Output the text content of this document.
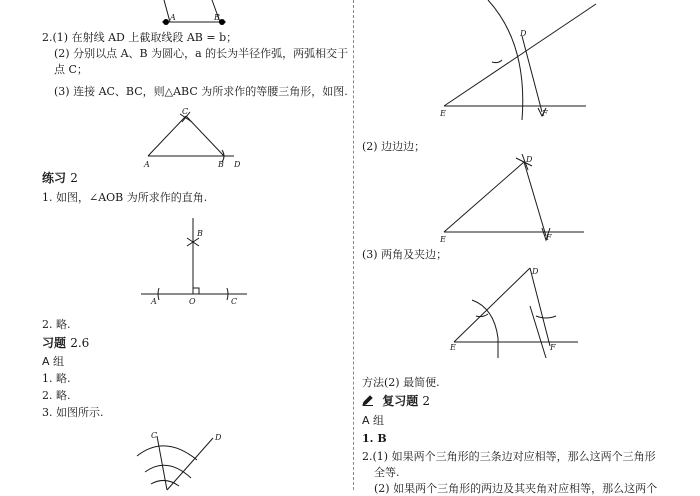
A	B
2.(1) 在射线 AD 上截取线段 AB = b；
(2) 分别以点 A、B 为圆心，a 的长为半径作弧，两弧相交于
点 C；
(3) 连接 AC、BC，则△ABC 为所求作的等腰三角形，如图.
C
A	B D
练习 2
1. 如图，∠AOB 为所求作的直角.
B
A	O	C
2. 略.
习题 2.6
A 组
1. 略.
2. 略.
3. 如图所示.
C	D
E
D
F
(2) 边边边；
E
D
F
(3) 两角及夹边；
E
D
F
方法(2) 最简便.
复习题 2
A 组
1. B
2.(1) 如果两个三角形的三条边对应相等，那么这两个三角形
全等.
(2) 如果两个三角形的两边及其夹角对应相等，那么这两个
